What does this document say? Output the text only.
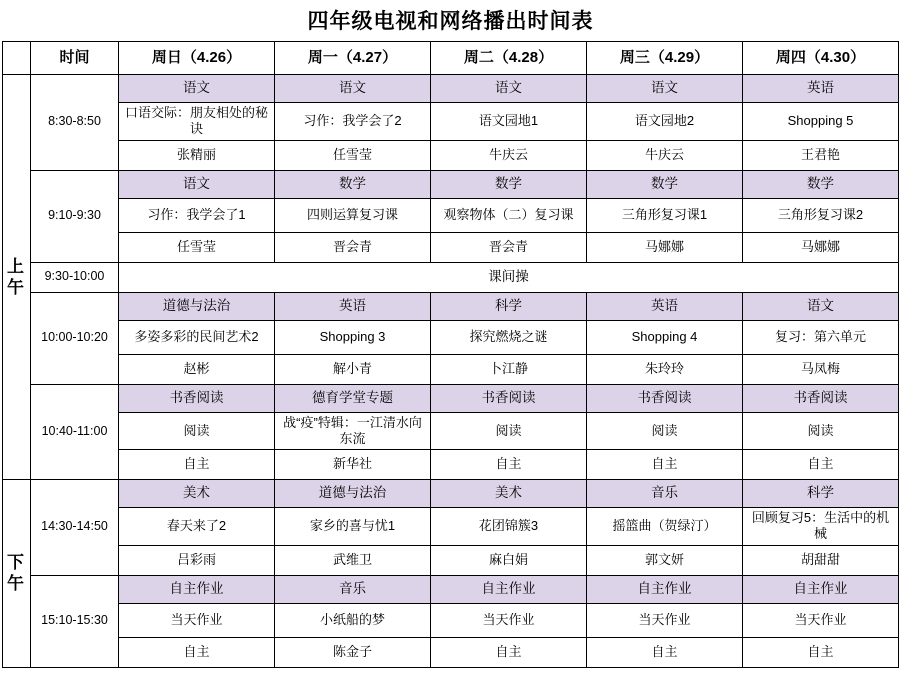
四年级电视和网络播出时间表
	时间	周日（4.26）	周一（4.27）	周二（4.28）	周三（4.29）	周四（4.30）
上午	8:30-8:50	语文	语文	语文	语文	英语
		口语交际：朋友相处的秘诀	习作：我学会了2	语文园地1	语文园地2	Shopping 5
		张精丽	任雪莹	牛庆云	牛庆云	王君艳
	9:10-9:30	语文	数学	数学	数学	数学
		习作：我学会了1	四则运算复习课	观察物体（二）复习课	三角形复习课1	三角形复习课2
		任雪莹	晋会青	晋会青	马娜娜	马娜娜
	9:30-10:00	课间操				
	10:00-10:20	道德与法治	英语	科学	英语	语文
		多姿多彩的民间艺术2	Shopping 3	探究燃烧之谜	Shopping 4	复习：第六单元
		赵彬	解小青	卜江静	朱玲玲	马凤梅
	10:40-11:00	书香阅读	德育学堂专题	书香阅读	书香阅读	书香阅读
		阅读	战“疫”特辑：一江清水向东流	阅读	阅读	阅读
		自主	新华社	自主	自主	自主
下午	14:30-14:50	美术	道德与法治	美术	音乐	科学
		春天来了2	家乡的喜与忧1	花团锦簇3	摇篮曲（贺绿汀）	回顾复习5：生活中的机械
		吕彩雨	武维卫	麻白娟	郭文妍	胡甜甜
	15:10-15:30	自主作业	音乐	自主作业	自主作业	自主作业
		当天作业	小纸船的梦	当天作业	当天作业	当天作业
		自主	陈金子	自主	自主	自主
